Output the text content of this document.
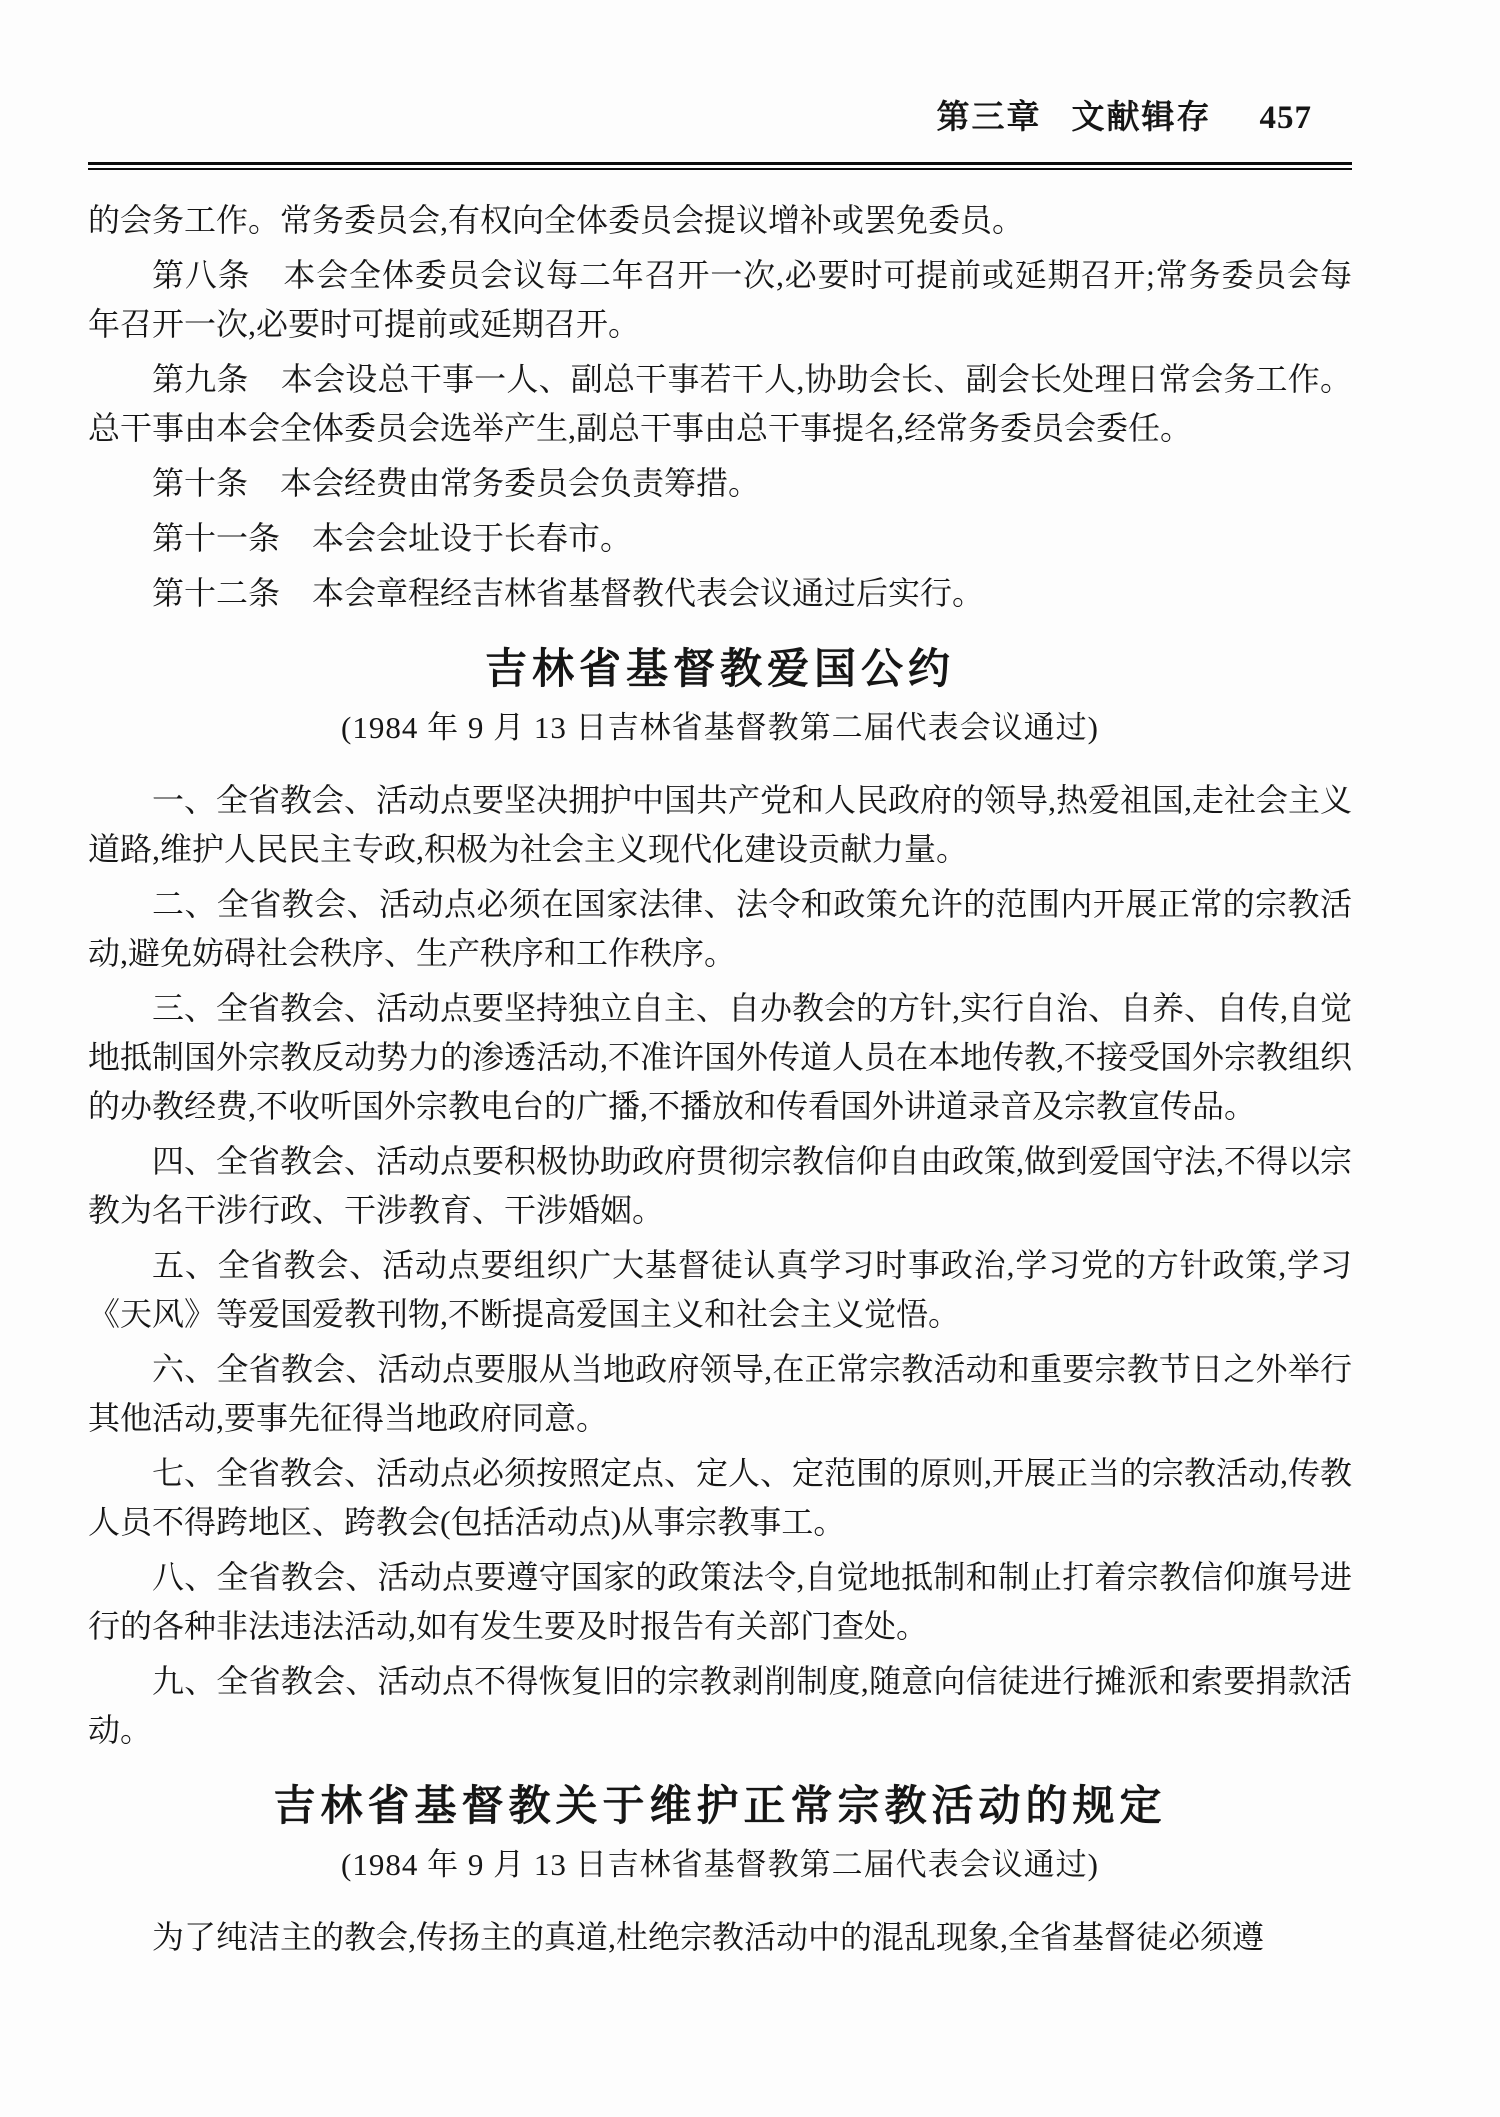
第三章 文献辑存 457

的会务工作。常务委员会,有权向全体委员会提议增补或罢免委员。

第八条　本会全体委员会议每二年召开一次,必要时可提前或延期召开;常务委员会每年召开一次,必要时可提前或延期召开。

第九条　本会设总干事一人、副总干事若干人,协助会长、副会长处理日常会务工作。总干事由本会全体委员会选举产生,副总干事由总干事提名,经常务委员会委任。

第十条　本会经费由常务委员会负责筹措。

第十一条　本会会址设于长春市。

第十二条　本会章程经吉林省基督教代表会议通过后实行。

吉林省基督教爱国公约

(1984 年 9 月 13 日吉林省基督教第二届代表会议通过)

一、全省教会、活动点要坚决拥护中国共产党和人民政府的领导,热爱祖国,走社会主义道路,维护人民民主专政,积极为社会主义现代化建设贡献力量。

二、全省教会、活动点必须在国家法律、法令和政策允许的范围内开展正常的宗教活动,避免妨碍社会秩序、生产秩序和工作秩序。

三、全省教会、活动点要坚持独立自主、自办教会的方针,实行自治、自养、自传,自觉地抵制国外宗教反动势力的渗透活动,不准许国外传道人员在本地传教,不接受国外宗教组织的办教经费,不收听国外宗教电台的广播,不播放和传看国外讲道录音及宗教宣传品。

四、全省教会、活动点要积极协助政府贯彻宗教信仰自由政策,做到爱国守法,不得以宗教为名干涉行政、干涉教育、干涉婚姻。

五、全省教会、活动点要组织广大基督徒认真学习时事政治,学习党的方针政策,学习《天风》等爱国爱教刊物,不断提高爱国主义和社会主义觉悟。

六、全省教会、活动点要服从当地政府领导,在正常宗教活动和重要宗教节日之外举行其他活动,要事先征得当地政府同意。

七、全省教会、活动点必须按照定点、定人、定范围的原则,开展正当的宗教活动,传教人员不得跨地区、跨教会(包括活动点)从事宗教事工。

八、全省教会、活动点要遵守国家的政策法令,自觉地抵制和制止打着宗教信仰旗号进行的各种非法违法活动,如有发生要及时报告有关部门查处。

九、全省教会、活动点不得恢复旧的宗教剥削制度,随意向信徒进行摊派和索要捐款活动。

吉林省基督教关于维护正常宗教活动的规定

(1984 年 9 月 13 日吉林省基督教第二届代表会议通过)

为了纯洁主的教会,传扬主的真道,杜绝宗教活动中的混乱现象,全省基督徒必须遵
